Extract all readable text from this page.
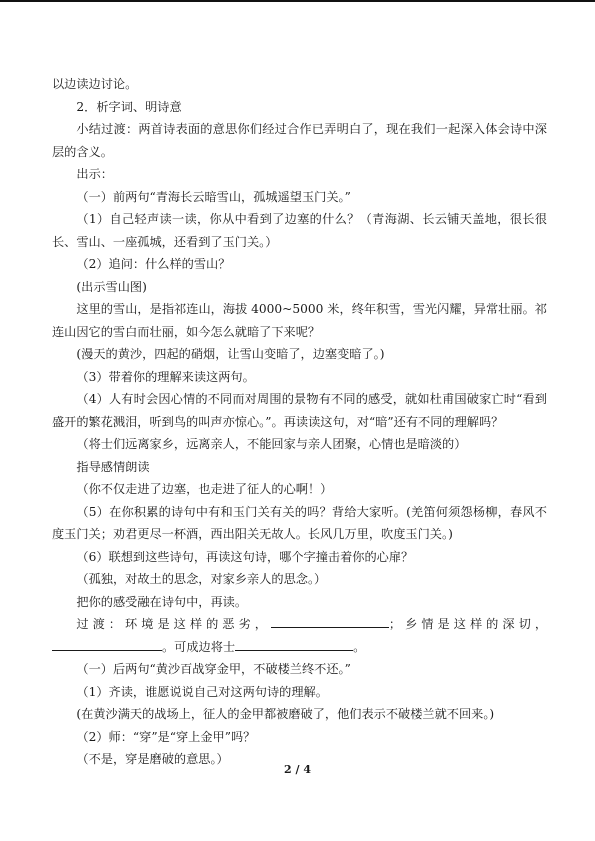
以边读边讨论。

2．析字词、明诗意

小结过渡：两首诗表面的意思你们经过合作已弄明白了，现在我们一起深入体会诗中深层的含义。

出示：

（一）前两句“青海长云暗雪山，孤城遥望玉门关。”

（1）自己轻声读一读，你从中看到了边塞的什么？（青海湖、长云铺天盖地，很长很长、雪山、一座孤城，还看到了玉门关。）

（2）追问：什么样的雪山？

(出示雪山图)

这里的雪山，是指祁连山，海拔 4000~5000 米，终年积雪，雪光闪耀，异常壮丽。祁连山因它的雪白而壮丽，如今怎么就暗了下来呢？

(漫天的黄沙，四起的硝烟，让雪山变暗了，边塞变暗了。)

（3）带着你的理解来读这两句。

（4）人有时会因心情的不同而对周围的景物有不同的感受，就如杜甫国破家亡时“看到盛开的繁花溅泪，听到鸟的叫声亦惊心。”。再读读这句，对“暗”还有不同的理解吗？

（将士们远离家乡，远离亲人，不能回家与亲人团聚，心情也是暗淡的）

指导感情朗读

（你不仅走进了边塞，也走进了征人的心啊！）

（5）在你积累的诗句中有和玉门关有关的吗？背给大家听。(羌笛何须怨杨柳，春风不度玉门关；劝君更尽一杯酒，西出阳关无故人。长风几万里，吹度玉门关。)

（6）联想到这些诗句，再读这句诗，哪个字撞击着你的心扉？

（孤独，对故土的思念，对家乡亲人的思念。）

把你的感受融在诗句中，再读。

过渡：环境是这样的恶劣，	；乡情是这样的深切，。可成边将士	。

（一）后两句“黄沙百战穿金甲，不破楼兰终不还。”

（1）齐读，谁愿说说自己对这两句诗的理解。

(在黄沙满天的战场上，征人的金甲都被磨破了，他们表示不破楼兰就不回来。)

（2）师：“穿”是“穿上金甲”吗？

（不是，穿是磨破的意思。）

2 / 4
